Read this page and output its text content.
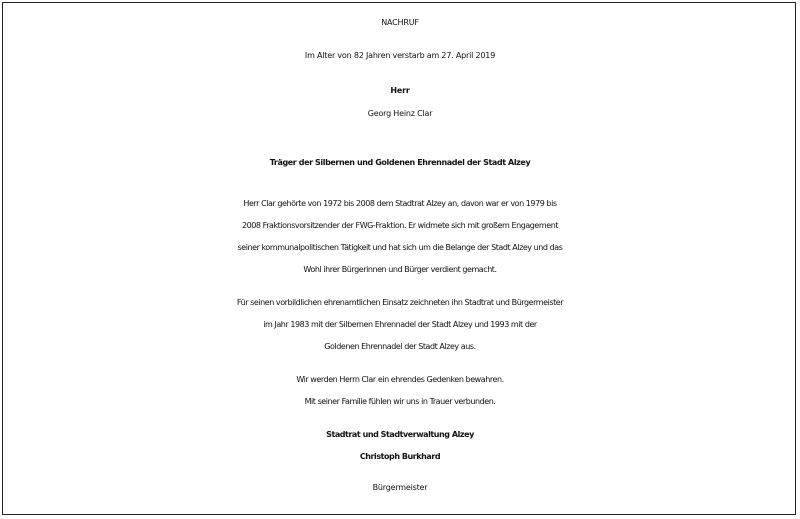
NACHRUF
Im Alter von 82 Jahren verstarb am 27. April 2019
Herr
Georg Heinz Clar
Träger der Silbernen und Goldenen Ehrennadel der Stadt Alzey
Herr Clar gehörte von 1972 bis 2008 dem Stadtrat Alzey an, davon war er von 1979 bis
2008 Fraktionsvorsitzender der FWG-Fraktion. Er widmete sich mit großem Engagement
seiner kommunalpolitischen Tätigkeit und hat sich um die Belange der Stadt Alzey und das
Wohl ihrer Bürgerinnen und Bürger verdient gemacht.
Für seinen vorbildlichen ehrenamtlichen Einsatz zeichneten ihn Stadtrat und Bürgermeister
im Jahr 1983 mit der Silbernen Ehrennadel der Stadt Alzey und 1993 mit der
Goldenen Ehrennadel der Stadt Alzey aus.
Wir werden Herrn Clar ein ehrendes Gedenken bewahren.
Mit seiner Familie fühlen wir uns in Trauer verbunden.
Stadtrat und Stadtverwaltung Alzey
Christoph Burkhard
Bürgermeister
